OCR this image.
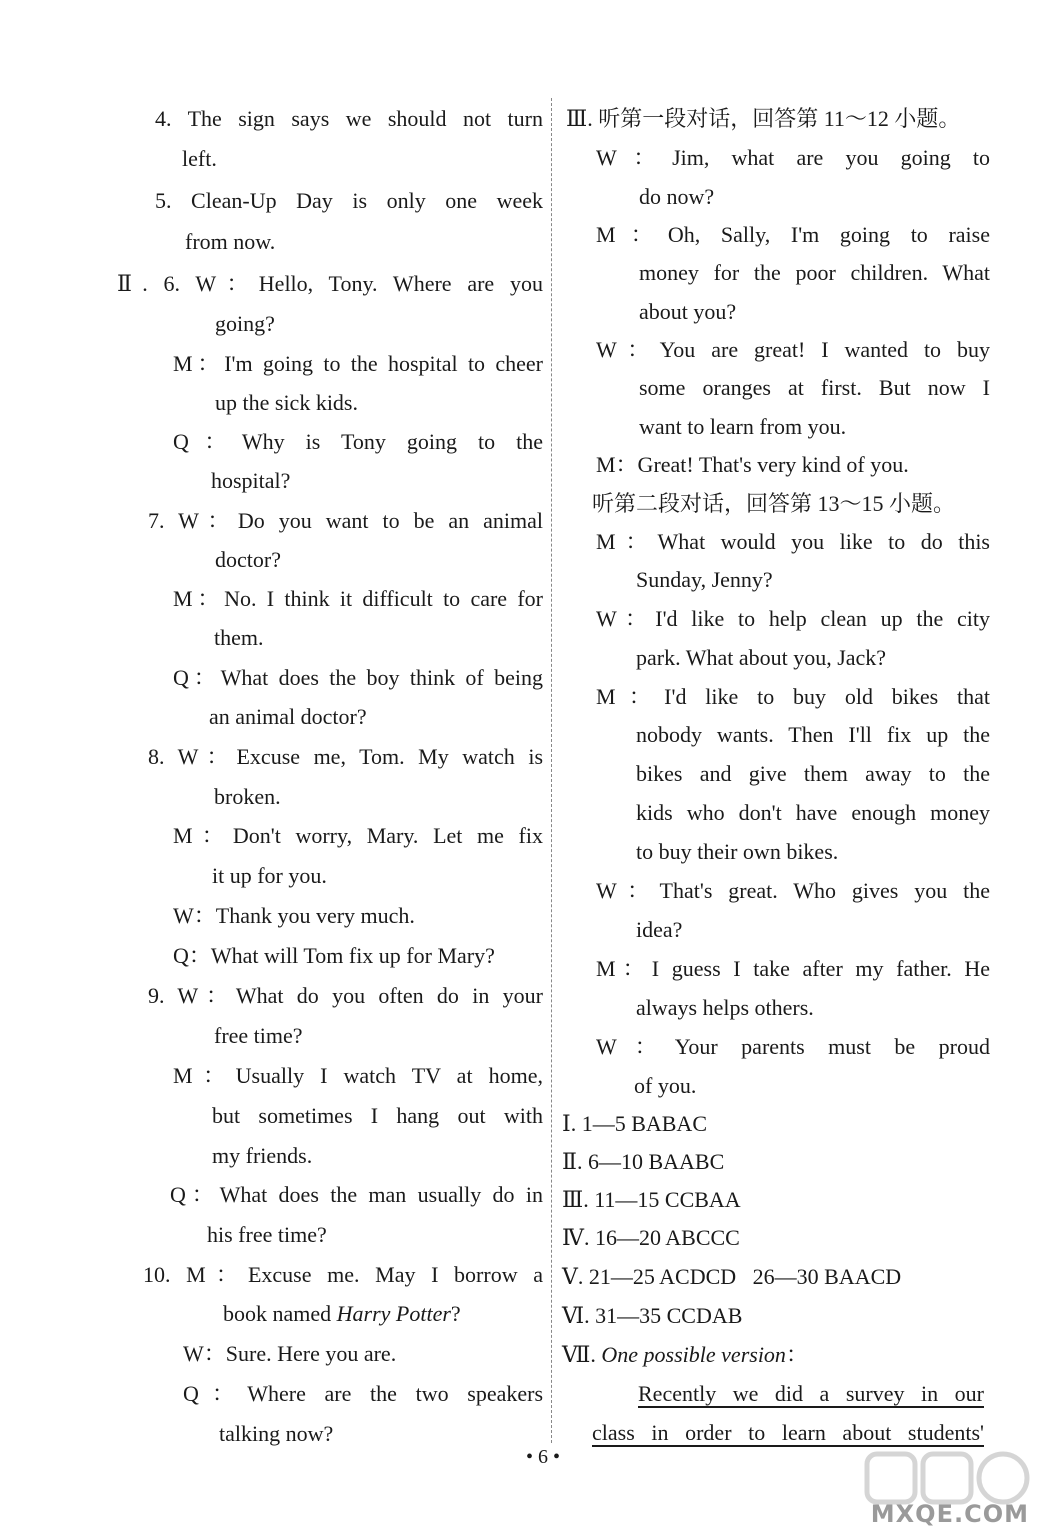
4. The sign says we should not turn
left.
5. Clean-Up Day is only one week
from now.
Ⅱ. 6. W：Hello, Tony. Where are you
going?
M：I'm going to the hospital to cheer
up the sick kids.
Q：Why is Tony going to the
hospital?
7. W：Do you want to be an animal
doctor?
M：No. I think it difficult to care for
them.
Q：What does the boy think of being
an animal doctor?
8. W：Excuse me, Tom. My watch is
broken.
M：Don't worry, Mary. Let me fix
it up for you.
W：Thank you very much.
Q：What will Tom fix up for Mary?
9. W：What do you often do in your
free time?
M：Usually I watch TV at home,
but sometimes I hang out with
my friends.
Q：What does the man usually do in
his free time?
10. M：Excuse me. May I borrow a
book named Harry Potter?
W：Sure. Here you are.
Q：Where are the two speakers
talking now?
Ⅲ. 听第一段对话，回答第 11～12 小题。
W：Jim, what are you going to
do now?
M：Oh, Sally, I'm going to raise
money for the poor children. What
about you?
W：You are great! I wanted to buy
some oranges at first. But now I
want to learn from you.
M：Great! That's very kind of you.
听第二段对话，回答第 13～15 小题。
M：What would you like to do this
Sunday, Jenny?
W：I'd like to help clean up the city
park. What about you, Jack?
M：I'd like to buy old bikes that
nobody wants. Then I'll fix up the
bikes and give them away to the
kids who don't have enough money
to buy their own bikes.
W：That's great. Who gives you the
idea?
M：I guess I take after my father. He
always helps others.
W：Your parents must be proud
of you.
Ⅰ. 1—5 BABAC
Ⅱ. 6—10 BAABC
Ⅲ. 11—15 CCBAA
Ⅳ. 16—20 ABCCC
Ⅴ. 21—25 ACDCD   26—30 BAACD
Ⅵ. 31—35 CCDAB
Ⅶ. One possible version：
Recently we did a survey in our
class in order to learn about students'
• 6 •
MXQE.COM
